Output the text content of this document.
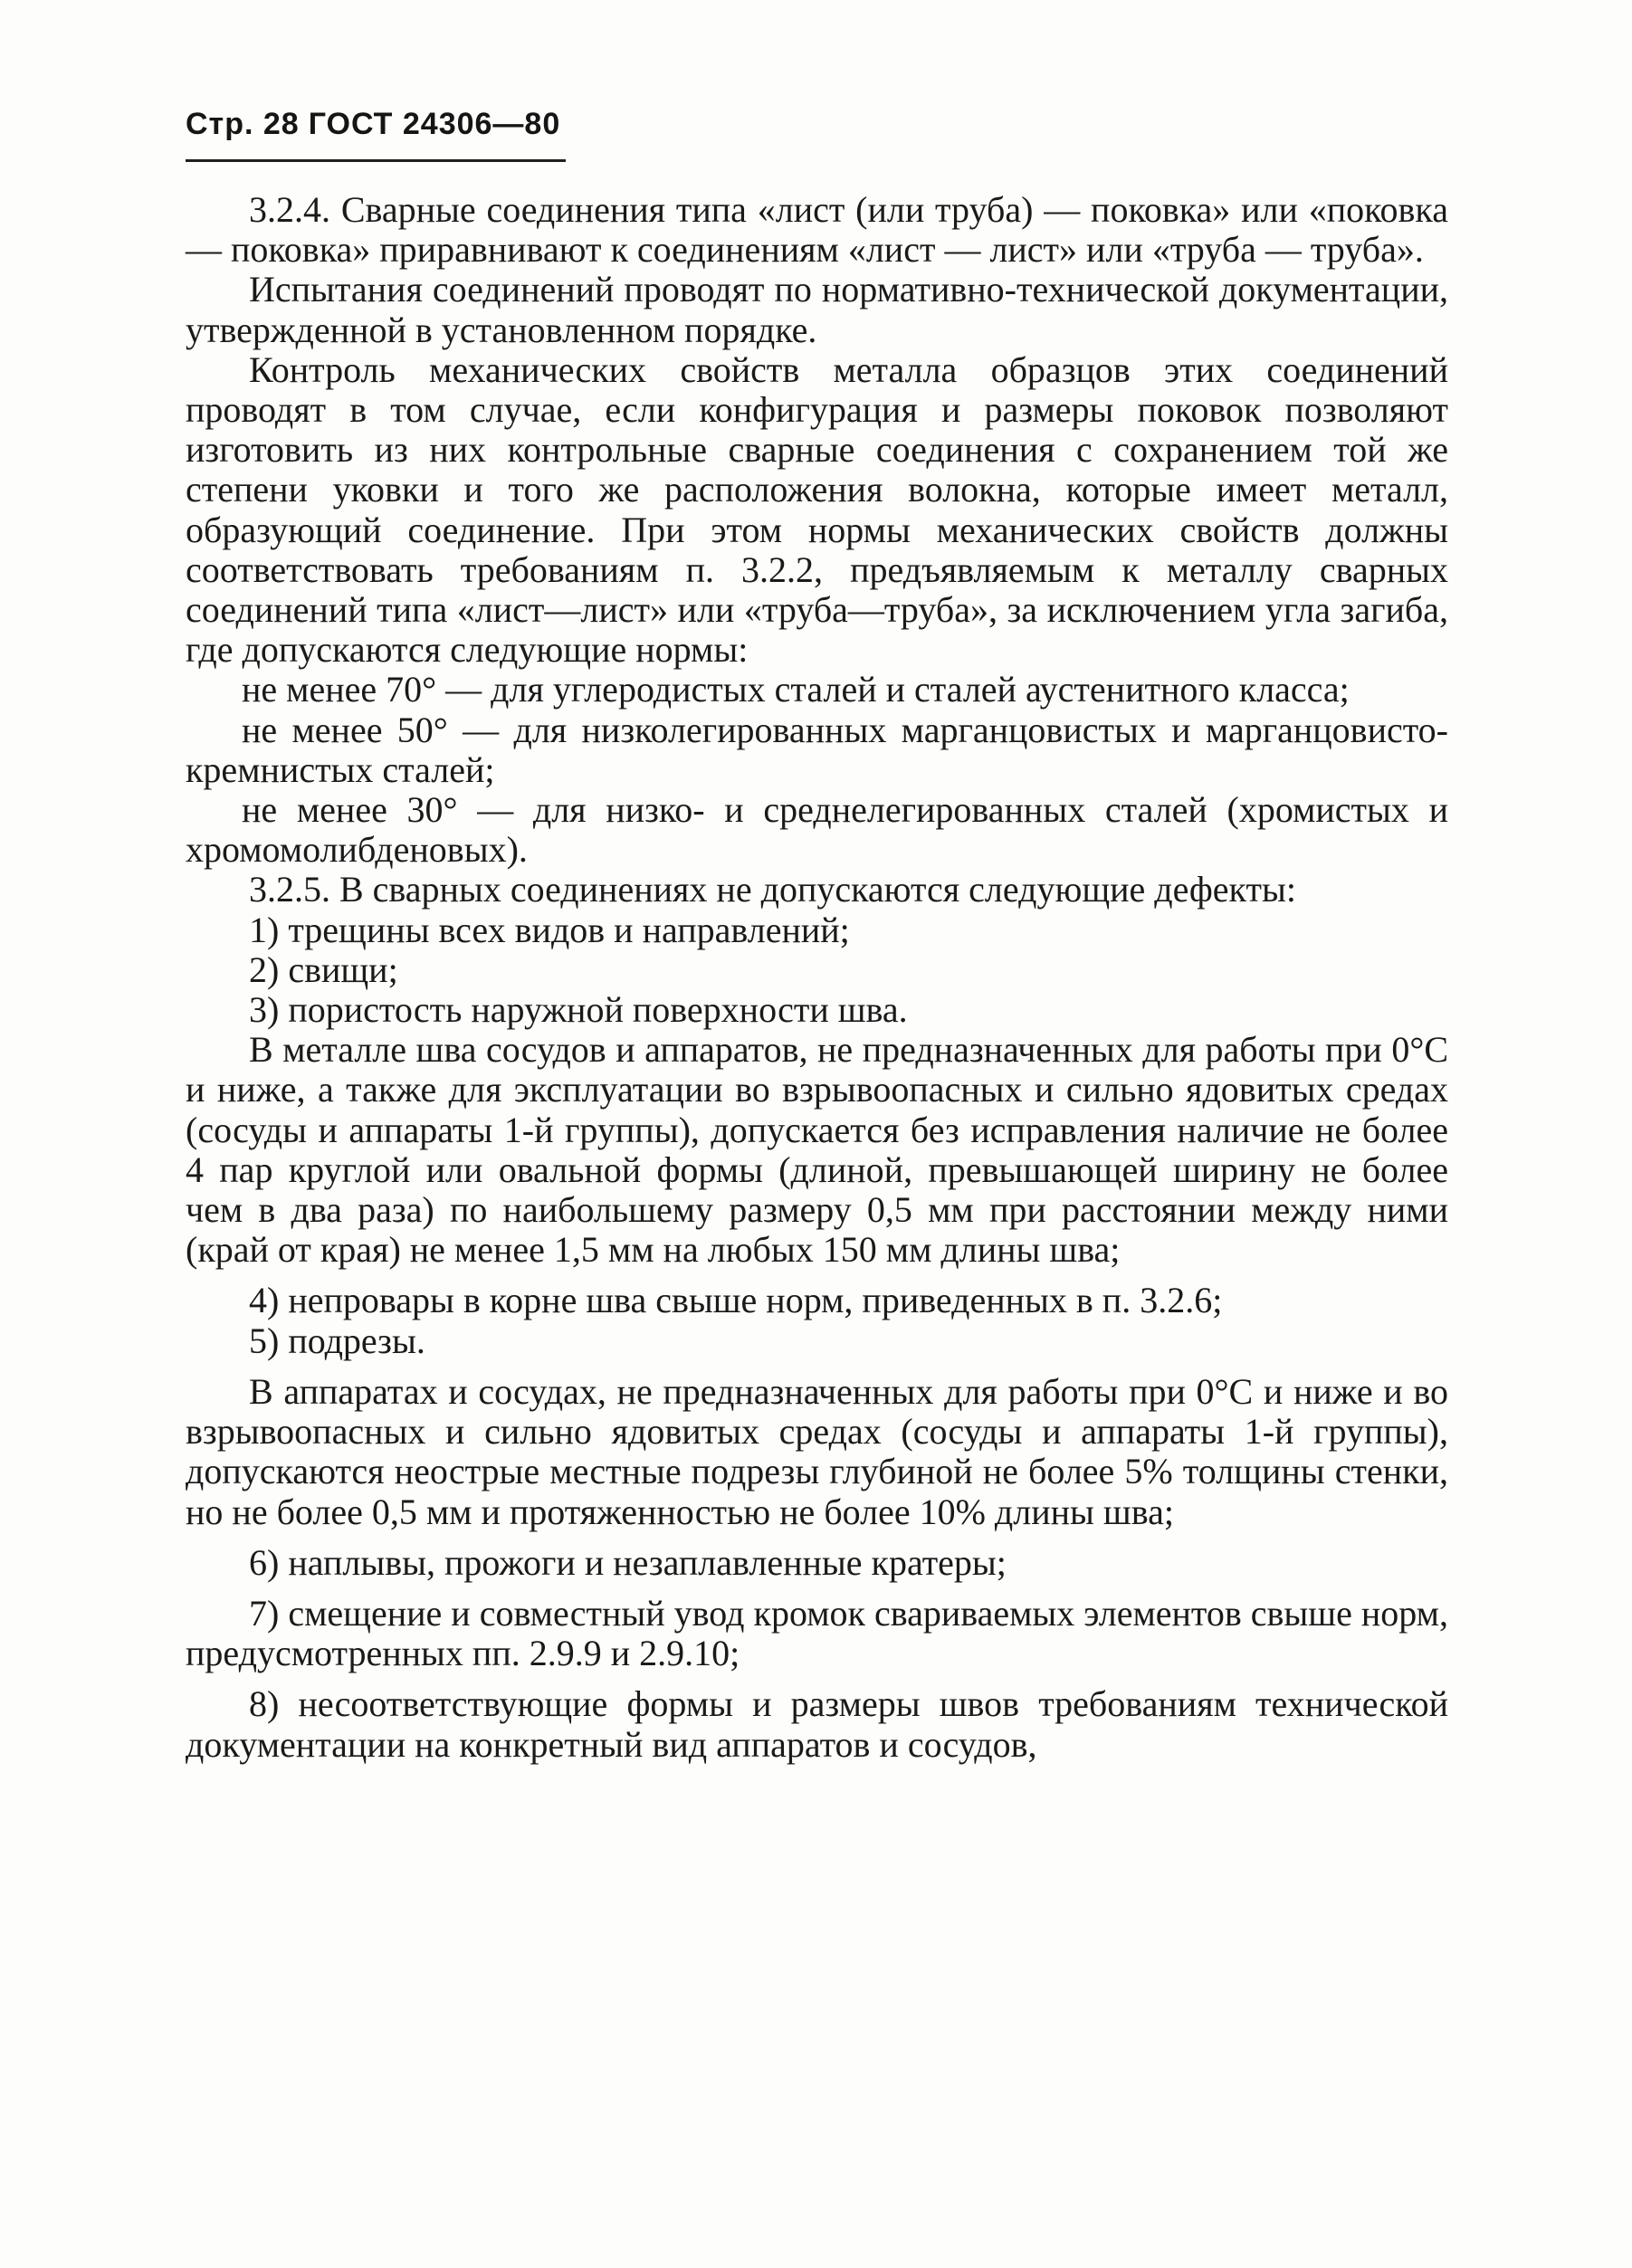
Стр. 28 ГОСТ 24306—80

3.2.4. Сварные соединения типа «лист (или труба) — поковка» или «поковка — поковка» приравнивают к соединениям «лист — лист» или «труба — труба».

Испытания соединений проводят по нормативно-технической документации, утвержденной в установленном порядке.

Контроль механических свойств металла образцов этих соединений проводят в том случае, если конфигурация и размеры поковок позволяют изготовить из них контрольные сварные соединения с сохранением той же степени уковки и того же расположения волокна, которые имеет металл, образующий соединение. При этом нормы механических свойств должны соответствовать требованиям п. 3.2.2, предъявляемым к металлу сварных соединений типа «лист—лист» или «труба—труба», за исключением угла загиба, где допускаются следующие нормы:

не менее 70° — для углеродистых сталей и сталей аустенитного класса;

не менее 50° — для низколегированных марганцовистых и марганцовисто-кремнистых сталей;

не менее 30° — для низко- и среднелегированных сталей (хромистых и хромомолибденовых).

3.2.5. В сварных соединениях не допускаются следующие дефекты:

1) трещины всех видов и направлений;

2) свищи;

3) пористость наружной поверхности шва.

В металле шва сосудов и аппаратов, не предназначенных для работы при 0°С и ниже, а также для эксплуатации во взрывоопасных и сильно ядовитых средах (сосуды и аппараты 1-й группы), допускается без исправления наличие не более 4 пар круглой или овальной формы (длиной, превышающей ширину не более чем в два раза) по наибольшему размеру 0,5 мм при расстоянии между ними (край от края) не менее 1,5 мм на любых 150 мм длины шва;

4) непровары в корне шва свыше норм, приведенных в п. 3.2.6;

5) подрезы.

В аппаратах и сосудах, не предназначенных для работы при 0°С и ниже и во взрывоопасных и сильно ядовитых средах (сосуды и аппараты 1-й группы), допускаются неострые местные подрезы глубиной не более 5% толщины стенки, но не более 0,5 мм и протяженностью не более 10% длины шва;

6) наплывы, прожоги и незаплавленные кратеры;

7) смещение и совместный увод кромок свариваемых элементов свыше норм, предусмотренных пп. 2.9.9 и 2.9.10;

8) несоответствующие формы и размеры швов требованиям технической документации на конкретный вид аппаратов и сосудов,
